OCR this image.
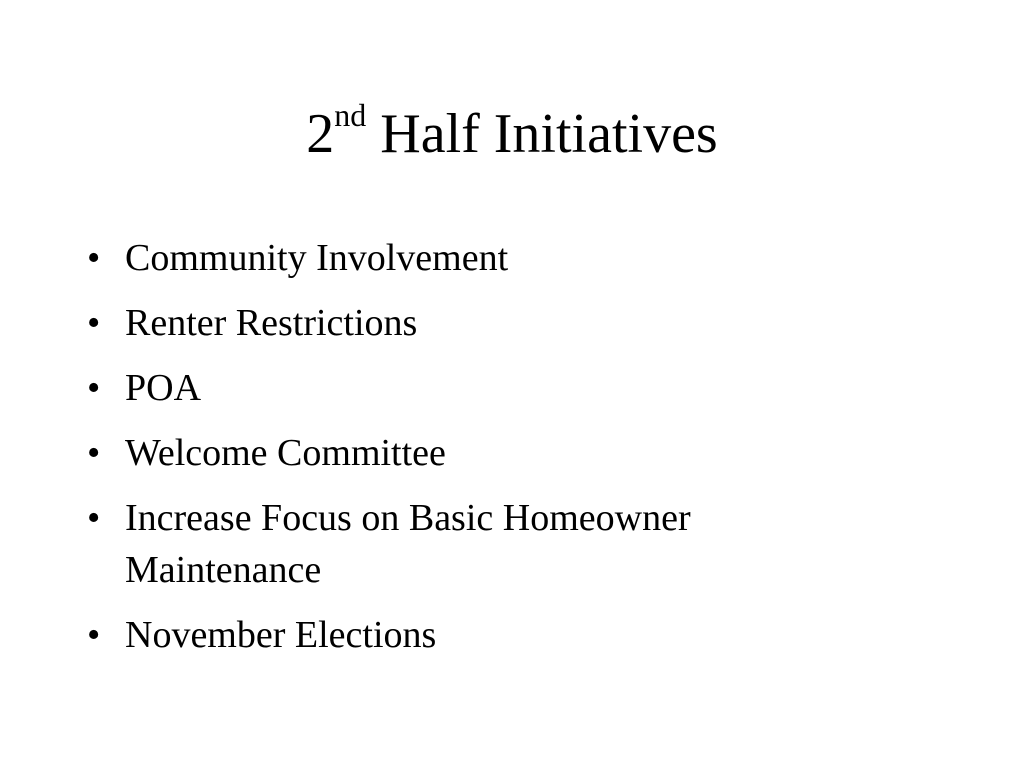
2nd Half Initiatives
• Community Involvement
• Renter Restrictions
• POA
• Welcome Committee
• Increase Focus on Basic Homeowner Maintenance
• November Elections
